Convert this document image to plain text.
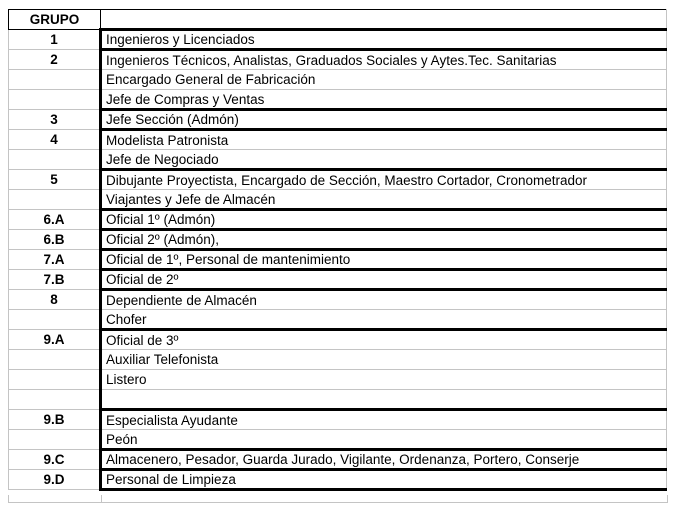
GRUPO	
1	Ingenieros y Licenciados
2	Ingenieros Técnicos, Analistas, Graduados Sociales y Aytes.Tec. Sanitarias
	Encargado General de Fabricación
	Jefe de Compras y Ventas
3	Jefe Sección (Admón)
4	Modelista Patronista
	Jefe de Negociado
5	Dibujante Proyectista, Encargado de Sección, Maestro Cortador, Cronometrador
	Viajantes y Jefe de Almacén
6.A	Oficial 1º (Admón)
6.B	Oficial 2º (Admón),
7.A	Oficial de 1º, Personal de mantenimiento
7.B	Oficial de 2º
8	Dependiente de Almacén
	Chofer
9.A	Oficial de 3º
	Auxiliar Telefonista
	Listero

9.B	Especialista Ayudante
	Peón
9.C	Almacenero, Pesador, Guarda Jurado, Vigilante, Ordenanza, Portero, Conserje
9.D	Personal de Limpieza
